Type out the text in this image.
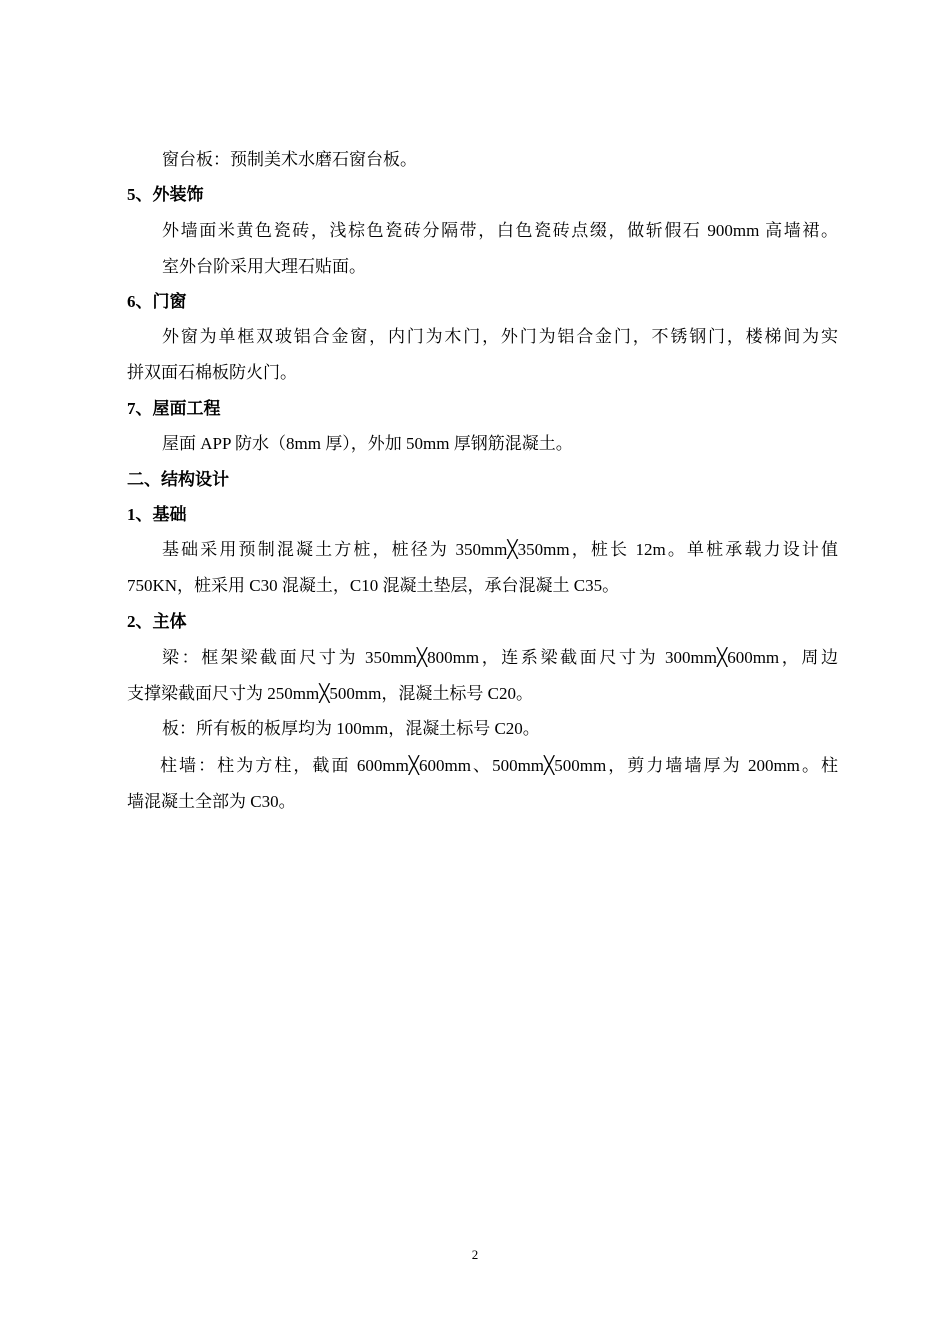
窗台板：预制美术水磨石窗台板。
5、外装饰
外墙面米黄色瓷砖，浅棕色瓷砖分隔带，白色瓷砖点缀，做斩假石 900mm 高墙裙。
室外台阶采用大理石贴面。
6、门窗
外窗为单框双玻铝合金窗，内门为木门，外门为铝合金门，不锈钢门，楼梯间为实
拼双面石棉板防火门。
7、屋面工程
屋面 APP 防水（8mm 厚），外加 50mm 厚钢筋混凝土。
二、结构设计
1、基础
基础采用预制混凝土方桩，桩径为 350mm╳350mm，桩长 12m。单桩承载力设计值
750KN，桩采用 C30 混凝土，C10 混凝土垫层，承台混凝土 C35。
2、主体
梁：框架梁截面尺寸为 350mm╳800mm，连系梁截面尺寸为 300mm╳600mm，周边
支撑梁截面尺寸为 250mm╳500mm，混凝土标号 C20。
板：所有板的板厚均为 100mm，混凝土标号 C20。
柱墙：柱为方柱，截面 600mm╳600mm、500mm╳500mm，剪力墙墙厚为 200mm。柱
墙混凝土全部为 C30。
2
